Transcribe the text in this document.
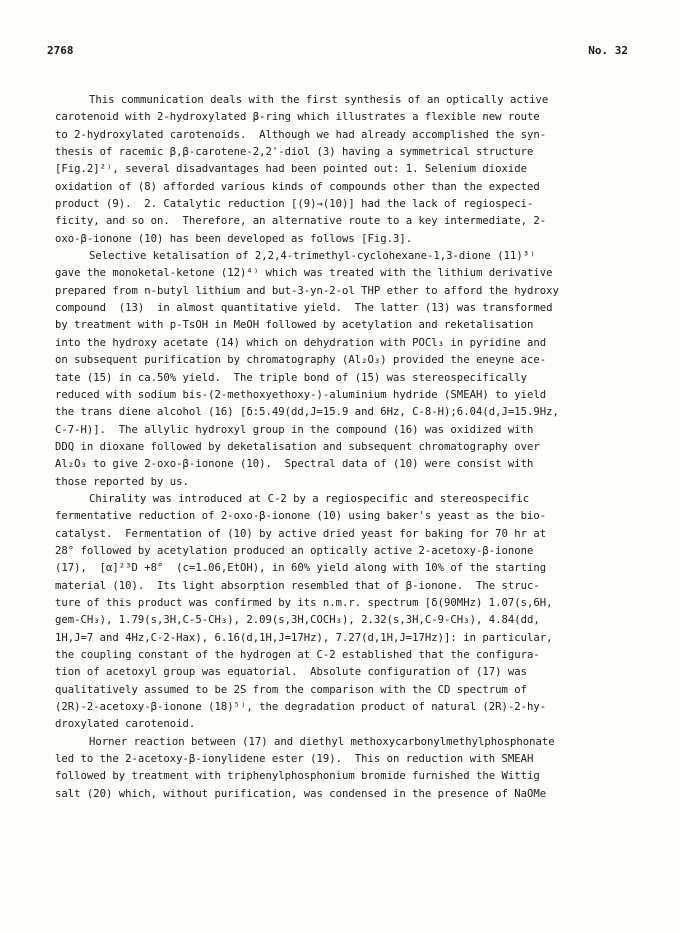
2768	No. 32
This communication deals with the first synthesis of an optically active
carotenoid with 2-hydroxylated β-ring which illustrates a flexible new route
to 2-hydroxylated carotenoids.  Although we had already accomplished the syn-
thesis of racemic β,β-carotene-2,2'-diol (3) having a symmetrical structure
[Fig.2]²⁾, several disadvantages had been pointed out: 1. Selenium dioxide
oxidation of (8) afforded various kinds of compounds other than the expected
product (9).  2. Catalytic reduction [(9)→(10)] had the lack of regiospeci-
ficity, and so on.  Therefore, an alternative route to a key intermediate, 2-
oxo-β-ionone (10) has been developed as follows [Fig.3].
Selective ketalisation of 2,2,4-trimethyl-cyclohexane-1,3-dione (11)³⁾
gave the monoketal-ketone (12)⁴⁾ which was treated with the lithium derivative
prepared from n-butyl lithium and but-3-yn-2-ol THP ether to afford the hydroxy
compound  (13)  in almost quantitative yield.  The latter (13) was transformed
by treatment with p-TsOH in MeOH followed by acetylation and reketalisation
into the hydroxy acetate (14) which on dehydration with POCl₃ in pyridine and
on subsequent purification by chromatography (Al₂O₃) provided the eneyne ace-
tate (15) in ca.50% yield.  The triple bond of (15) was stereospecifically
reduced with sodium bis-(2-methoxyethoxy-)-aluminium hydride (SMEAH) to yield
the trans diene alcohol (16) [δ:5.49(dd,J=15.9 and 6Hz, C-8-H);6.04(d,J=15.9Hz,
C-7-H)].  The allylic hydroxyl group in the compound (16) was oxidized with
DDQ in dioxane followed by deketalisation and subsequent chromatography over
Al₂O₃ to give 2-oxo-β-ionone (10).  Spectral data of (10) were consist with
those reported by us.
Chirality was introduced at C-2 by a regiospecific and stereospecific
fermentative reduction of 2-oxo-β-ionone (10) using baker's yeast as the bio-
catalyst.  Fermentation of (10) by active dried yeast for baking for 70 hr at
28° followed by acetylation produced an optically active 2-acetoxy-β-ionone
(17),  [α]²³D +8°  (c=1.06,EtOH), in 60% yield along with 10% of the starting
material (10).  Its light absorption resembled that of β-ionone.  The struc-
ture of this product was confirmed by its n.m.r. spectrum [δ(90MHz) 1.07(s,6H,
gem-CH₃), 1.79(s,3H,C-5-CH₃), 2.09(s,3H,COCH₃), 2.32(s,3H,C-9-CH₃), 4.84(dd,
1H,J=7 and 4Hz,C-2-Hax), 6.16(d,1H,J=17Hz), 7.27(d,1H,J=17Hz)]: in particular,
the coupling constant of the hydrogen at C-2 established that the configura-
tion of acetoxyl group was equatorial.  Absolute configuration of (17) was
qualitatively assumed to be 2S from the comparison with the CD spectrum of
(2R)-2-acetoxy-β-ionone (18)⁵⁾, the degradation product of natural (2R)-2-hy-
droxylated carotenoid.
Horner reaction between (17) and diethyl methoxycarbonylmethylphosphonate
led to the 2-acetoxy-β-ionylidene ester (19).  This on reduction with SMEAH
followed by treatment with triphenylphosphonium bromide furnished the Wittig
salt (20) which, without purification, was condensed in the presence of NaOMe
